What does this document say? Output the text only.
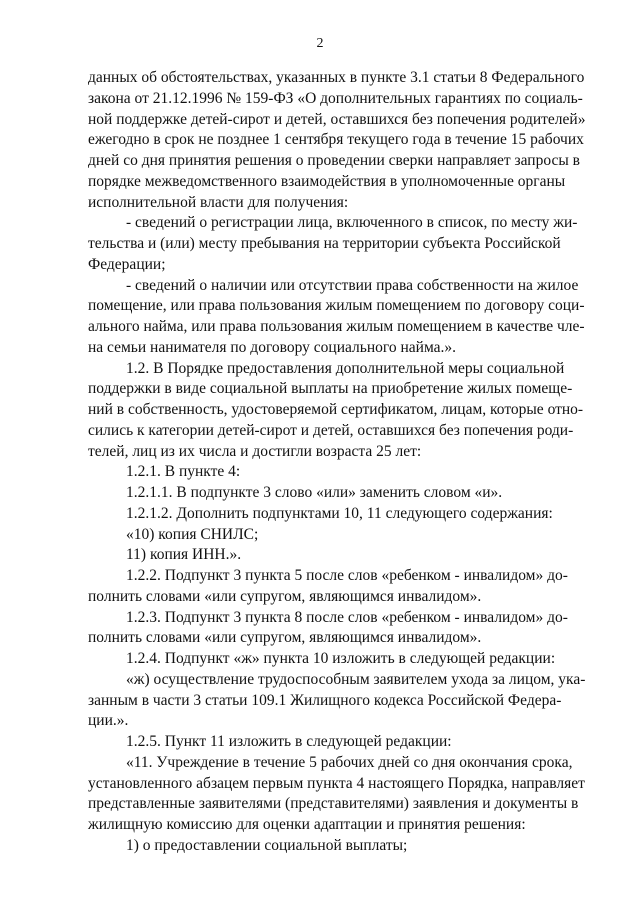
2
данных об обстоятельствах, указанных в пункте 3.1 статьи 8 Федерального
закона от 21.12.1996 № 159-ФЗ «О дополнительных гарантиях по социаль-
ной поддержке детей-сирот и детей, оставшихся без попечения родителей»
ежегодно в срок не позднее 1 сентября текущего года в течение 15 рабочих
дней со дня принятия решения о проведении сверки направляет запросы в
порядке межведомственного взаимодействия в уполномоченные органы
исполнительной власти для получения:
- сведений о регистрации лица, включенного в список, по месту жи-
тельства и (или) месту пребывания на территории субъекта Российской
Федерации;
- сведений о наличии или отсутствии права собственности на жилое
помещение, или права пользования жилым помещением по договору соци-
ального найма, или права пользования жилым помещением в качестве чле-
на семьи нанимателя по договору социального найма.».
1.2. В Порядке предоставления дополнительной меры социальной
поддержки в виде социальной выплаты на приобретение жилых помеще-
ний в собственность, удостоверяемой сертификатом, лицам, которые отно-
сились к категории детей-сирот и детей, оставшихся без попечения роди-
телей, лиц из их числа и достигли возраста 25 лет:
1.2.1. В пункте 4:
1.2.1.1. В подпункте 3 слово «или» заменить словом «и».
1.2.1.2. Дополнить подпунктами 10, 11 следующего содержания:
«10) копия СНИЛС;
11) копия ИНН.».
1.2.2. Подпункт 3 пункта 5 после слов «ребенком - инвалидом» до-
полнить словами «или супругом, являющимся инвалидом».
1.2.3. Подпункт 3 пункта 8 после слов «ребенком - инвалидом» до-
полнить словами «или супругом, являющимся инвалидом».
1.2.4. Подпункт «ж» пункта 10 изложить в следующей редакции:
«ж) осуществление трудоспособным заявителем ухода за лицом, ука-
занным в части 3 статьи 109.1 Жилищного кодекса Российской Федера-
ции.».
1.2.5. Пункт 11 изложить в следующей редакции:
«11. Учреждение в течение 5 рабочих дней со дня окончания срока,
установленного абзацем первым пункта 4 настоящего Порядка, направляет
представленные заявителями (представителями) заявления и документы в
жилищную комиссию для оценки адаптации и принятия решения:
1) о предоставлении социальной выплаты;
